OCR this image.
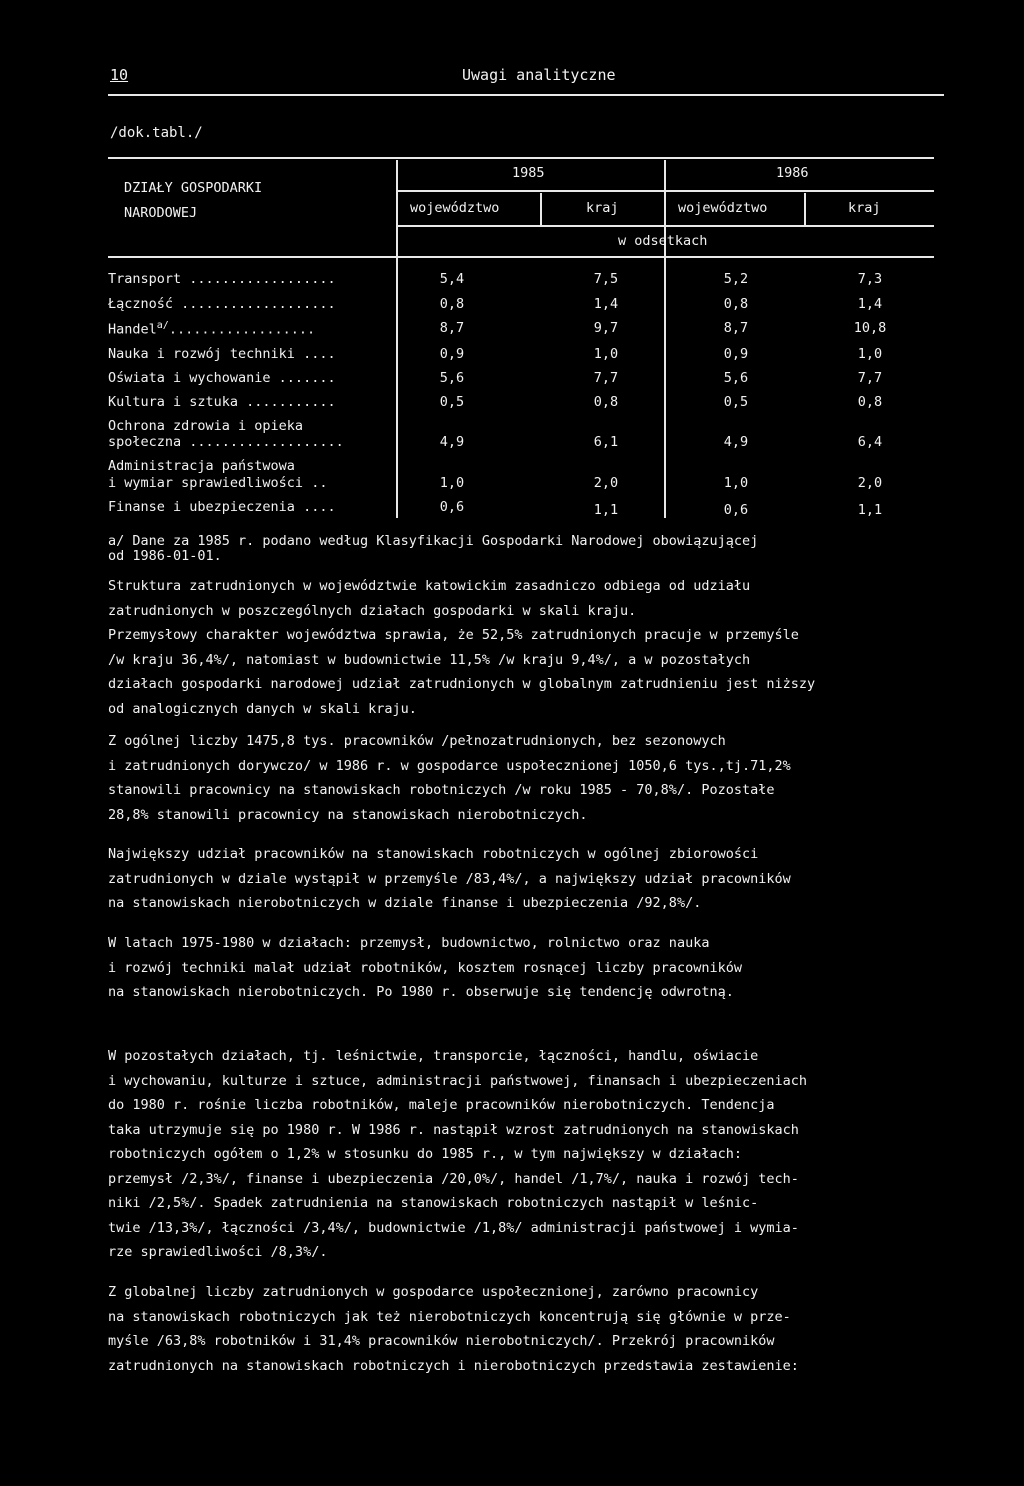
10	Uwagi analityczne
/dok.tabl./
DZIAŁY GOSPODARKI
NARODOWEJ
1985	1986
województwo	kraj	województwo	kraj
w odsetkach
Transport ..................	5,4	7,5	5,2	7,3
Łączność ...................	0,8	1,4	0,8	1,4
Handel$^{a/}$..................	8,7	9,7	8,7	10,8
Nauka i rozwój techniki ....	0,9	1,0	0,9	1,0
Oświata i wychowanie .......	5,6	7,7	5,6	7,7
Kultura i sztuka ...........	0,5	0,8	0,5	0,8
Ochrona zdrowia i opieka
społeczna ...................	4,9	6,1	4,9	6,4
Administracja państwowa
i wymiar sprawiedliwości ..	1,0	2,0	1,0	2,0
Finanse i ubezpieczenia ....	0,6	1,1	0,6	1,1
a/ Dane za 1985 r. podano według Klasyfikacji Gospodarki Narodowej obowiązującej
od 1986-01-01.
Struktura zatrudnionych w województwie katowickim zasadniczo odbiega od udziału
zatrudnionych w poszczególnych działach gospodarki w skali kraju.
Przemysłowy charakter województwa sprawia, że 52,5% zatrudnionych pracuje w przemyśle
/w kraju 36,4%/, natomiast w budownictwie 11,5% /w kraju 9,4%/, a w pozostałych
działach gospodarki narodowej udział zatrudnionych w globalnym zatrudnieniu jest niższy
od analogicznych danych w skali kraju.
Z ogólnej liczby 1475,8 tys. pracowników /pełnozatrudnionych, bez sezonowych
i zatrudnionych dorywczo/ w 1986 r. w gospodarce uspołecznionej 1050,6 tys.,tj.71,2%
stanowili pracownicy na stanowiskach robotniczych /w roku 1985 - 70,8%/. Pozostałe
28,8% stanowili pracownicy na stanowiskach nierobotniczych.
Największy udział pracowników na stanowiskach robotniczych w ogólnej zbiorowości
zatrudnionych w dziale wystąpił w przemyśle /83,4%/, a największy udział pracowników
na stanowiskach nierobotniczych w dziale finanse i ubezpieczenia /92,8%/.
W latach 1975-1980 w działach: przemysł, budownictwo, rolnictwo oraz nauka
i rozwój techniki malał udział robotników, kosztem rosnącej liczby pracowników
na stanowiskach nierobotniczych. Po 1980 r. obserwuje się tendencję odwrotną.
W pozostałych działach, tj. leśnictwie, transporcie, łączności, handlu, oświacie
i wychowaniu, kulturze i sztuce, administracji państwowej, finansach i ubezpieczeniach
do 1980 r. rośnie liczba robotników, maleje pracowników nierobotniczych. Tendencja
taka utrzymuje się po 1980 r. W 1986 r. nastąpił wzrost zatrudnionych na stanowiskach
robotniczych ogółem o 1,2% w stosunku do 1985 r., w tym największy w działach:
przemysł /2,3%/, finanse i ubezpieczenia /20,0%/, handel /1,7%/, nauka i rozwój tech-
niki /2,5%/. Spadek zatrudnienia na stanowiskach robotniczych nastąpił w leśnic-
twie /13,3%/, łączności /3,4%/, budownictwie /1,8%/ administracji państwowej i wymia-
rze sprawiedliwości /8,3%/.
Z globalnej liczby zatrudnionych w gospodarce uspołecznionej, zarówno pracownicy
na stanowiskach robotniczych jak też nierobotniczych koncentrują się głównie w prze-
myśle /63,8% robotników i 31,4% pracowników nierobotniczych/. Przekrój pracowników
zatrudnionych na stanowiskach robotniczych i nierobotniczych przedstawia zestawienie:
